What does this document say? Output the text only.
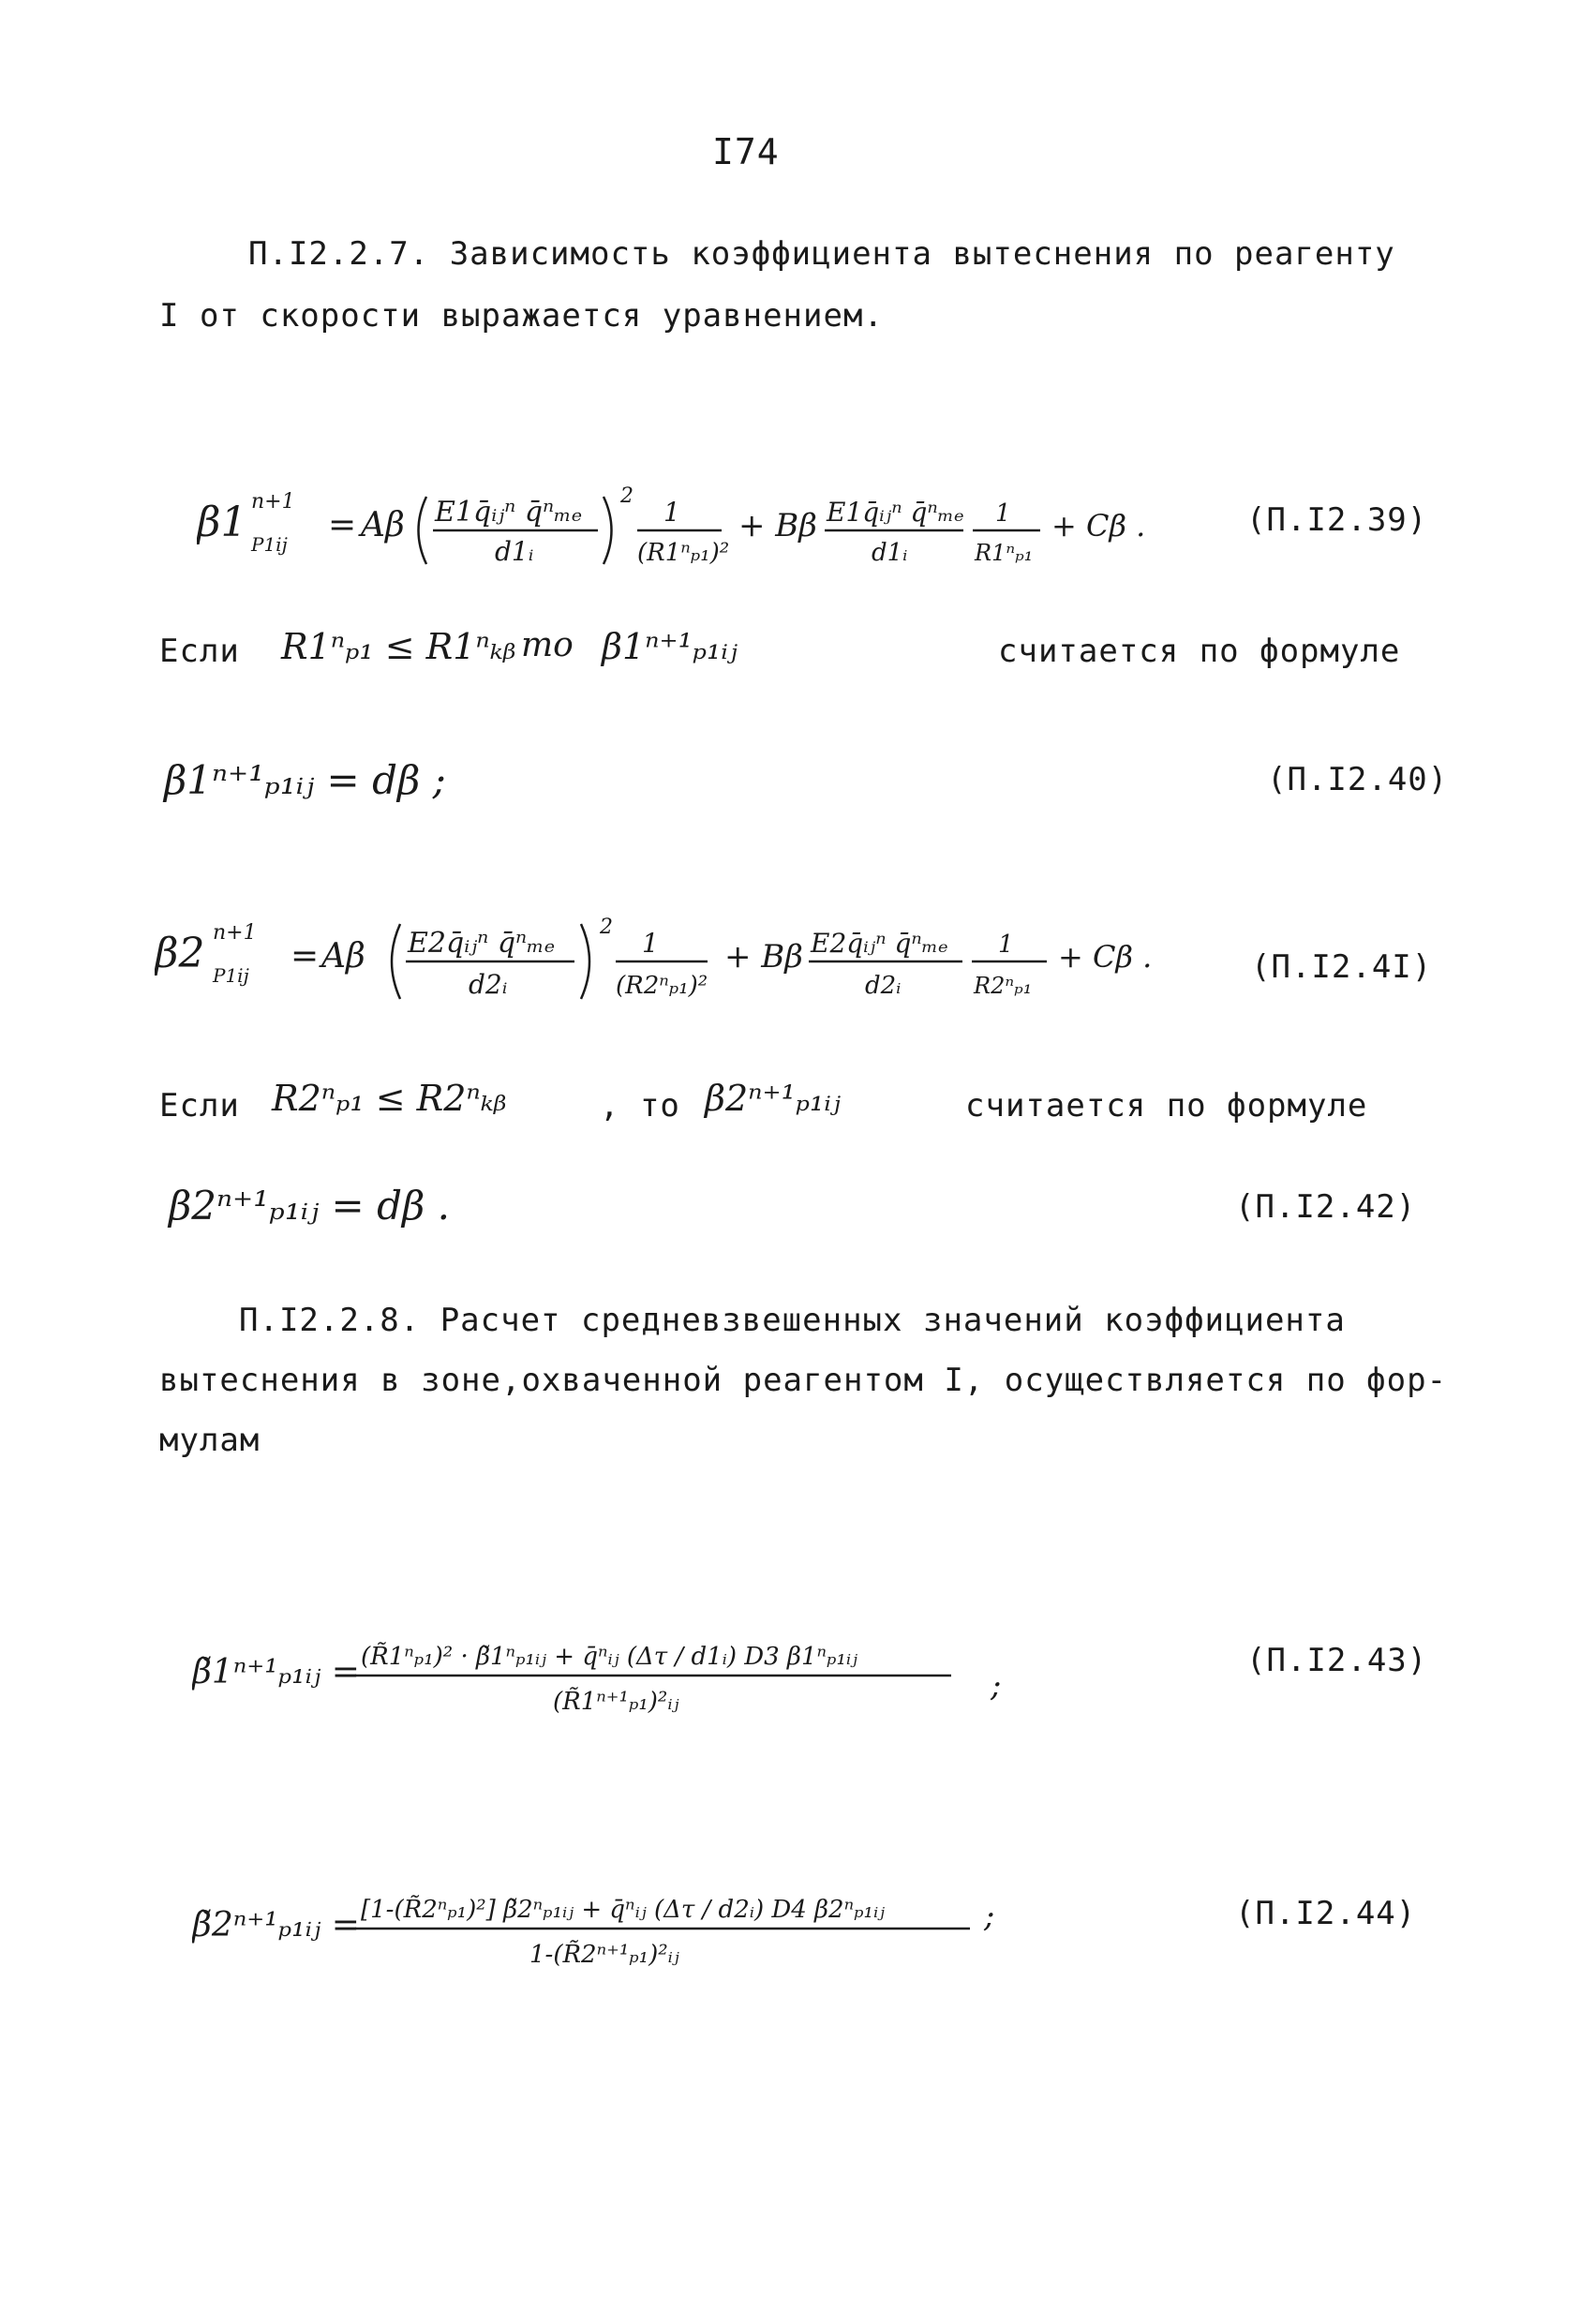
I74
П.I2.2.7. Зависимость коэффициента вытеснения по реагенту
I от скорости выражается уравнением.
β1 n+1
P1ij = Aβ E1q̄ᵢⱼⁿ q̄ⁿₘₑ
d1ᵢ
2
1
(R1ⁿₚ₁)²
+ Bβ E1q̄ᵢⱼⁿ q̄ⁿₘₑ
d1ᵢ
1
R1ⁿₚ₁
+ Cβ .	(П.I2.39)
Если R1ⁿₚ₁ ≤ R1ⁿₖᵦ то β1ⁿ⁺¹ₚ₁ᵢⱼ	считается по формуле
β1ⁿ⁺¹ₚ₁ᵢⱼ = dβ ;	(П.I2.40)
β2 n+1
P1ij = Aβ E2q̄ᵢⱼⁿ q̄ⁿₘₑ
d2ᵢ
2
1
(R2ⁿₚ₁)²
+ Bβ E2q̄ᵢⱼⁿ q̄ⁿₘₑ
d2ᵢ
1
R2ⁿₚ₁
+ Cβ .	(П.I2.4I)
Если R2ⁿₚ₁ ≤ R2ⁿₖᵦ	, то β2ⁿ⁺¹ₚ₁ᵢⱼ	считается по формуле
β2ⁿ⁺¹ₚ₁ᵢⱼ = dβ .	(П.I2.42)
П.I2.2.8. Расчет средневзвешенных значений коэффициента
вытеснения в зоне,охваченной реагентом I, осуществляется по фор-
мулам
β̃1ⁿ⁺¹ₚ₁ᵢⱼ = (R̃1ⁿₚ₁)² · β̃1ⁿₚ₁ᵢⱼ + q̄ⁿᵢⱼ (Δτ / d1ᵢ) D3 β1ⁿₚ₁ᵢⱼ
(R̃1ⁿ⁺¹ₚ₁)²ᵢⱼ	;
(П.I2.43)
β̃2ⁿ⁺¹ₚ₁ᵢⱼ = [1-(R̃2ⁿₚ₁)²] β̃2ⁿₚ₁ᵢⱼ + q̄ⁿᵢⱼ (Δτ / d2ᵢ) D4 β2ⁿₚ₁ᵢⱼ
1-(R̃2ⁿ⁺¹ₚ₁)²ᵢⱼ
;	(П.I2.44)
